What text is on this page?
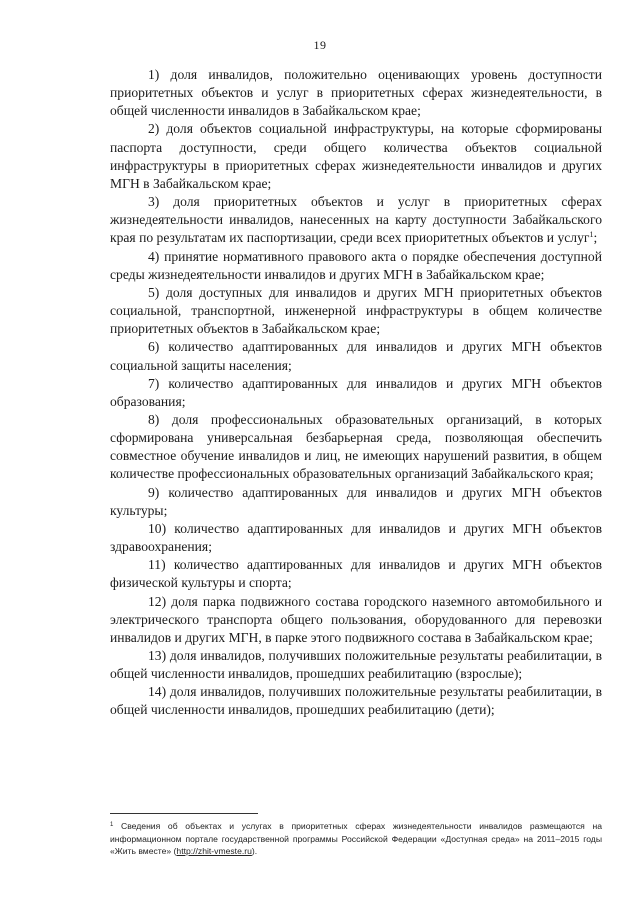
19

1) доля инвалидов, положительно оценивающих уровень доступности приоритетных объектов и услуг в приоритетных сферах жизнедеятельности, в общей численности инвалидов в Забайкальском крае;

2) доля объектов социальной инфраструктуры, на которые сформированы паспорта доступности, среди общего количества объектов социальной инфраструктуры в приоритетных сферах жизнедеятельности инвалидов и других МГН в Забайкальском крае;

3) доля приоритетных объектов и услуг в приоритетных сферах жизнедеятельности инвалидов, нанесенных на карту доступности Забайкальского края по результатам их паспортизации, среди всех приоритетных объектов и услуг$^1$;

4) принятие нормативного правового акта о порядке обеспечения доступной среды жизнедеятельности инвалидов и других МГН в Забайкальском крае;

5) доля доступных для инвалидов и других МГН приоритетных объектов социальной, транспортной, инженерной инфраструктуры в общем количестве приоритетных объектов в Забайкальском крае;

6) количество адаптированных для инвалидов и других МГН объектов социальной защиты населения;

7) количество адаптированных для инвалидов и других МГН объектов образования;

8) доля профессиональных образовательных организаций, в которых сформирована универсальная безбарьерная среда, позволяющая обеспечить совместное обучение инвалидов и лиц, не имеющих нарушений развития, в общем количестве профессиональных образовательных организаций Забайкальского края;

9) количество адаптированных для инвалидов и других МГН объектов культуры;

10) количество адаптированных для инвалидов и других МГН объектов здравоохранения;

11) количество адаптированных для инвалидов и других МГН объектов физической культуры и спорта;

12) доля парка подвижного состава городского наземного автомобильного и электрического транспорта общего пользования, оборудованного для перевозки инвалидов и других МГН, в парке этого подвижного состава в Забайкальском крае;

13) доля инвалидов, получивших положительные результаты реабилитации, в общей численности инвалидов, прошедших реабилитацию (взрослые);

14) доля инвалидов, получивших положительные результаты реабилитации, в общей численности инвалидов, прошедших реабилитацию (дети);

$^1$ Сведения об объектах и услугах в приоритетных сферах жизнедеятельности инвалидов размещаются на информационном портале государственной программы Российской Федерации «Доступная среда» на 2011–2015 годы «Жить вместе» (http://zhit-vmeste.ru).
